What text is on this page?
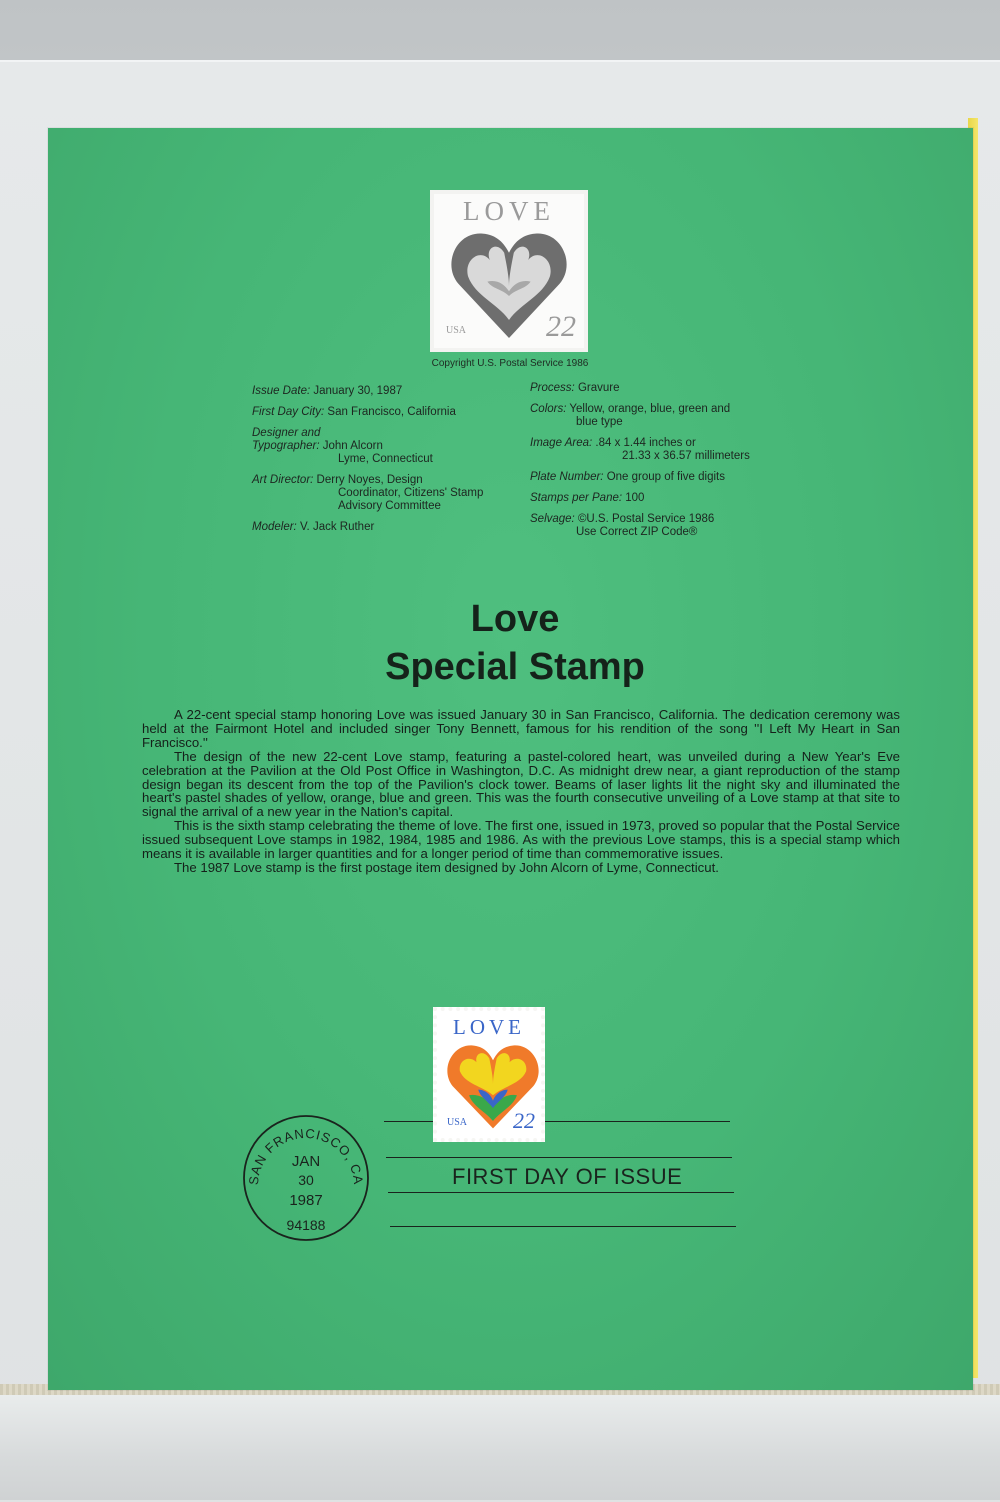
LOVE
USA	22
Copyright U.S. Postal Service 1986
Issue Date: January 30, 1987
First Day City: San Francisco, California
Designer and
Typographer: John Alcorn
Lyme, Connecticut
Art Director: Derry Noyes, Design
Coordinator, Citizens' Stamp
Advisory Committee
Modeler: V. Jack Ruther
Process: Gravure
Colors: Yellow, orange, blue, green and
blue type
Image Area: .84 x 1.44 inches or
21.33 x 36.57 millimeters
Plate Number: One group of five digits
Stamps per Pane: 100
Selvage: ©U.S. Postal Service 1986
Use Correct ZIP Code®
Love
Special Stamp

A 22-cent special stamp honoring Love was issued January 30 in San Francisco, California. The dedication ceremony was held at the Fairmont Hotel and included singer Tony Bennett, famous for his rendition of the song ''I Left My Heart in San Francisco.''

The design of the new 22-cent Love stamp, featuring a pastel-colored heart, was unveiled during a New Year's Eve celebration at the Pavilion at the Old Post Office in Washington, D.C. As midnight drew near, a giant reproduction of the stamp design began its descent from the top of the Pavilion's clock tower. Beams of laser lights lit the night sky and illuminated the heart's pastel shades of yellow, orange, blue and green. This was the fourth consecutive unveiling of a Love stamp at that site to signal the arrival of a new year in the Nation's capital.

This is the sixth stamp celebrating the theme of love. The first one, issued in 1973, proved so popular that the Postal Service issued subsequent Love stamps in 1982, 1984, 1985 and 1986. As with the previous Love stamps, this is a special stamp which means it is available in larger quantities and for a longer period of time than commemorative issues.

The 1987 Love stamp is the first postage item designed by John Alcorn of Lyme, Connecticut.

LOVE
USA 22
FIRST DAY OF ISSUE
SAN FRANCISCO, CA
JAN
30
1987
94188
